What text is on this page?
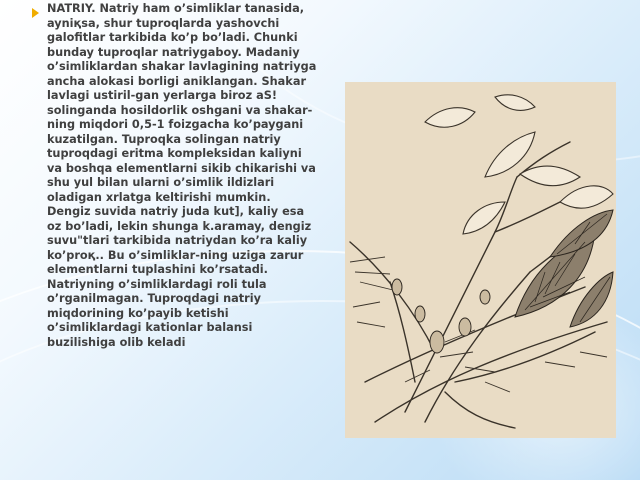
NATRIY. Natriy ham o’simliklar tanasida, ayniқsa, shur tuproqlarda yashovchi galofitlar tarkibida ko’p bo’ladi. Chunki bunday tuproqlar natriygaboy. Madaniy o’simliklardan shakar lavlagining natriyga ancha alokasi borligi aniklangan. Shakar lavlagi ustiril-gan yerlarga biroz aS! solinganda hosildorlik oshgani va shakar-ning miqdori 0,5-1 foizgacha ko’paygani kuzatilgan. Tuproqka solingan natriy tuproqdagi eritma kompleksidan kaliyni va boshqa elementlarni sikib chikarishi va shu yul bilan ularni o’simlik ildizlari oladigan xrlatga keltirishi mumkin. Dengiz suvida natriy juda kut], kaliy esa oz bo’ladi, lekin shunga k.aramay, dengiz suvu"tlari tarkibida natriydan ko’ra kaliy ko’proқ.. Bu o’simliklar-ning uziga zarur elementlarni tuplashini ko’rsatadi. Natriyning o’simliklardagi roli tula o’rganilmagan. Tuproqdagi natriy miqdorining ko’payib ketishi o’simliklardagi kationlar balansi buzilishiga olib keladi
